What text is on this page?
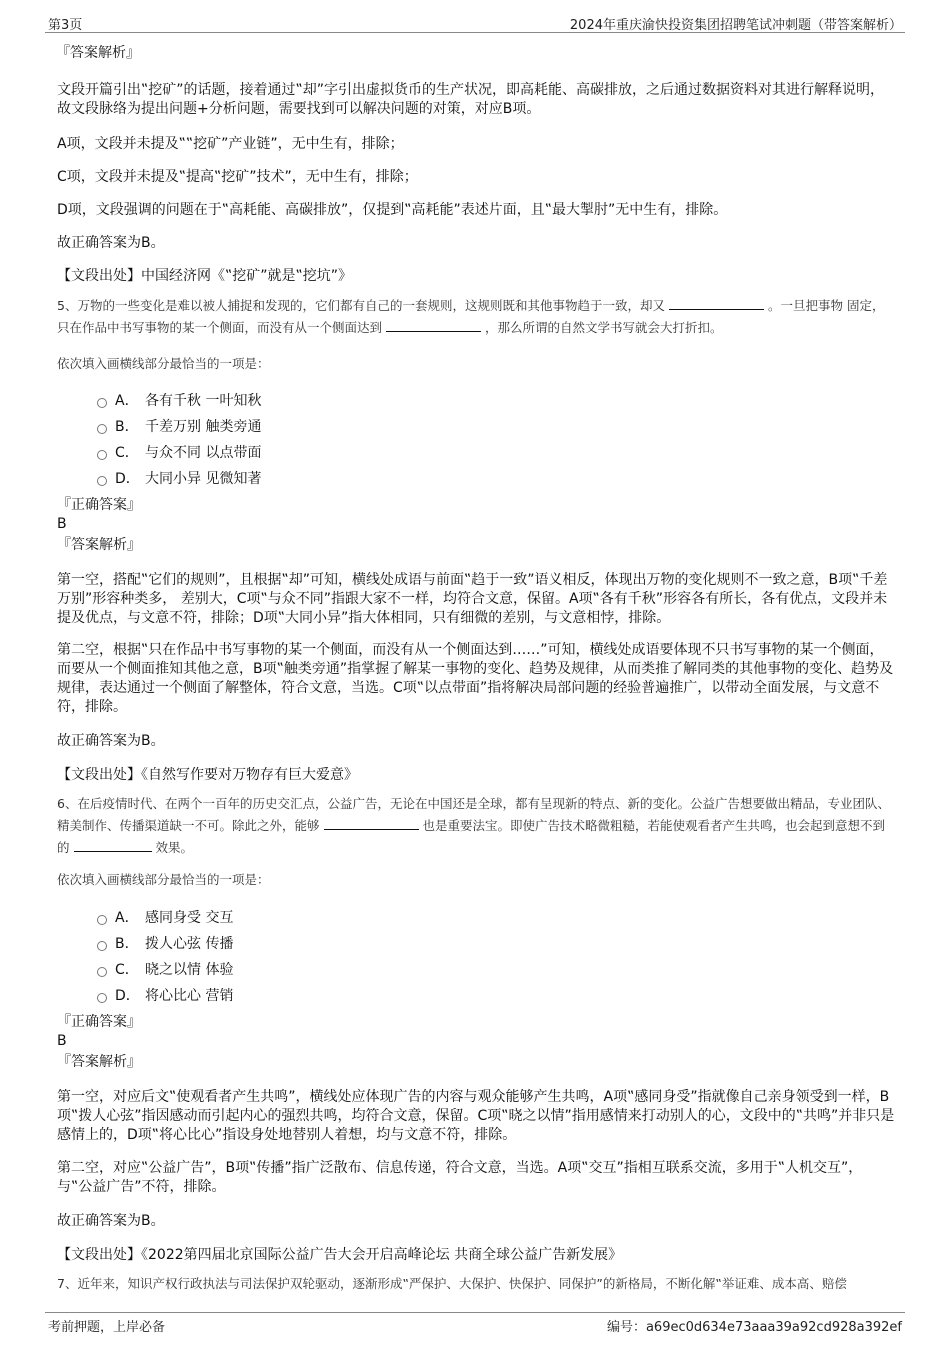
第3页	2024年重庆渝快投资集团招聘笔试冲刺题（带答案解析）
『答案解析』
文段开篇引出‟挖矿”的话题，接着通过‟却”字引出虚拟货币的生产状况，即高耗能、高碳排放，之后通过数据资料对其进行解释说明，故文段脉络为提出问题+分析问题，需要找到可以解决问题的对策，对应B项。
A项，文段并未提及‟‟挖矿”产业链”，无中生有，排除；
C项，文段并未提及‟提高‟挖矿”技术”，无中生有，排除；
D项，文段强调的问题在于‟高耗能、高碳排放”，仅提到‟高耗能”表述片面，且‟最大掣肘”无中生有，排除。
故正确答案为B。
【文段出处】中国经济网《‟挖矿”就是‟挖坑”》
5、万物的一些变化是难以被人捕捉和发现的，它们都有自己的一套规则，这规则既和其他事物趋于一致，却又	。一旦把事物 固定，只在作品中书写事物的某一个侧面，而没有从一个侧面达到	，那么所谓的自然文学书写就会大打折扣。
依次填入画横线部分最恰当的一项是：
A． 各有千秋 一叶知秋
B． 千差万别 触类旁通
C． 与众不同 以点带面
D． 大同小异 见微知著
『正确答案』
B
『答案解析』
第一空，搭配‟它们的规则”，且根据‟却”可知，横线处成语与前面‟趋于一致”语义相反，体现出万物的变化规则不一致之意，B项‟千差万别”形容种类多， 差别大，C项‟与众不同”指跟大家不一样，均符合文意，保留。A项‟各有千秋”形容各有所长，各有优点，文段并未提及优点，与文意不符，排除；D项‟大同小异”指大体相同，只有细微的差别，与文意相悖，排除。
第二空，根据‟只在作品中书写事物的某一个侧面，而没有从一个侧面达到……”可知，横线处成语要体现不只书写事物的某一个侧面，而要从一个侧面推知其他之意，B项‟触类旁通”指掌握了解某一事物的变化、趋势及规律，从而类推了解同类的其他事物的变化、趋势及规律，表达通过一个侧面了解整体，符合文意，当选。C项‟以点带面”指将解决局部问题的经验普遍推广，以带动全面发展，与文意不符，排除。
故正确答案为B。
【文段出处】《自然写作要对万物存有巨大爱意》
6、在后疫情时代、在两个一百年的历史交汇点，公益广告，无论在中国还是全球，都有呈现新的特点、新的变化。公益广告想要做出精品，专业团队、精美制作、传播渠道缺一不可。除此之外，能够	也是重要法宝。即使广告技术略微粗糙，若能使观看者产生共鸣，也会起到意想不到的	效果。
依次填入画横线部分最恰当的一项是：
A． 感同身受 交互
B． 拨人心弦 传播
C． 晓之以情 体验
D． 将心比心 营销
『正确答案』
B
『答案解析』
第一空，对应后文‟使观看者产生共鸣”，横线处应体现广告的内容与观众能够产生共鸣，A项‟感同身受”指就像自己亲身领受到一样，B项‟拨人心弦”指因感动而引起内心的强烈共鸣，均符合文意，保留。C项‟晓之以情”指用感情来打动别人的心，文段中的‟共鸣”并非只是感情上的，D项‟将心比心”指设身处地替别人着想，均与文意不符，排除。
第二空，对应‟公益广告”，B项‟传播”指广泛散布、信息传递，符合文意，当选。A项‟交互”指相互联系交流，多用于‟人机交互”，与‟公益广告”不符，排除。
故正确答案为B。
【文段出处】《2022第四届北京国际公益广告大会开启高峰论坛 共商全球公益广告新发展》
7、近年来，知识产权行政执法与司法保护双轮驱动，逐渐形成‟严保护、大保护、快保护、同保护”的新格局，不断化解‟举证难、成本高、赔偿
考前押题，上岸必备	编号：a69ec0d634e73aaa39a92cd928a392ef
